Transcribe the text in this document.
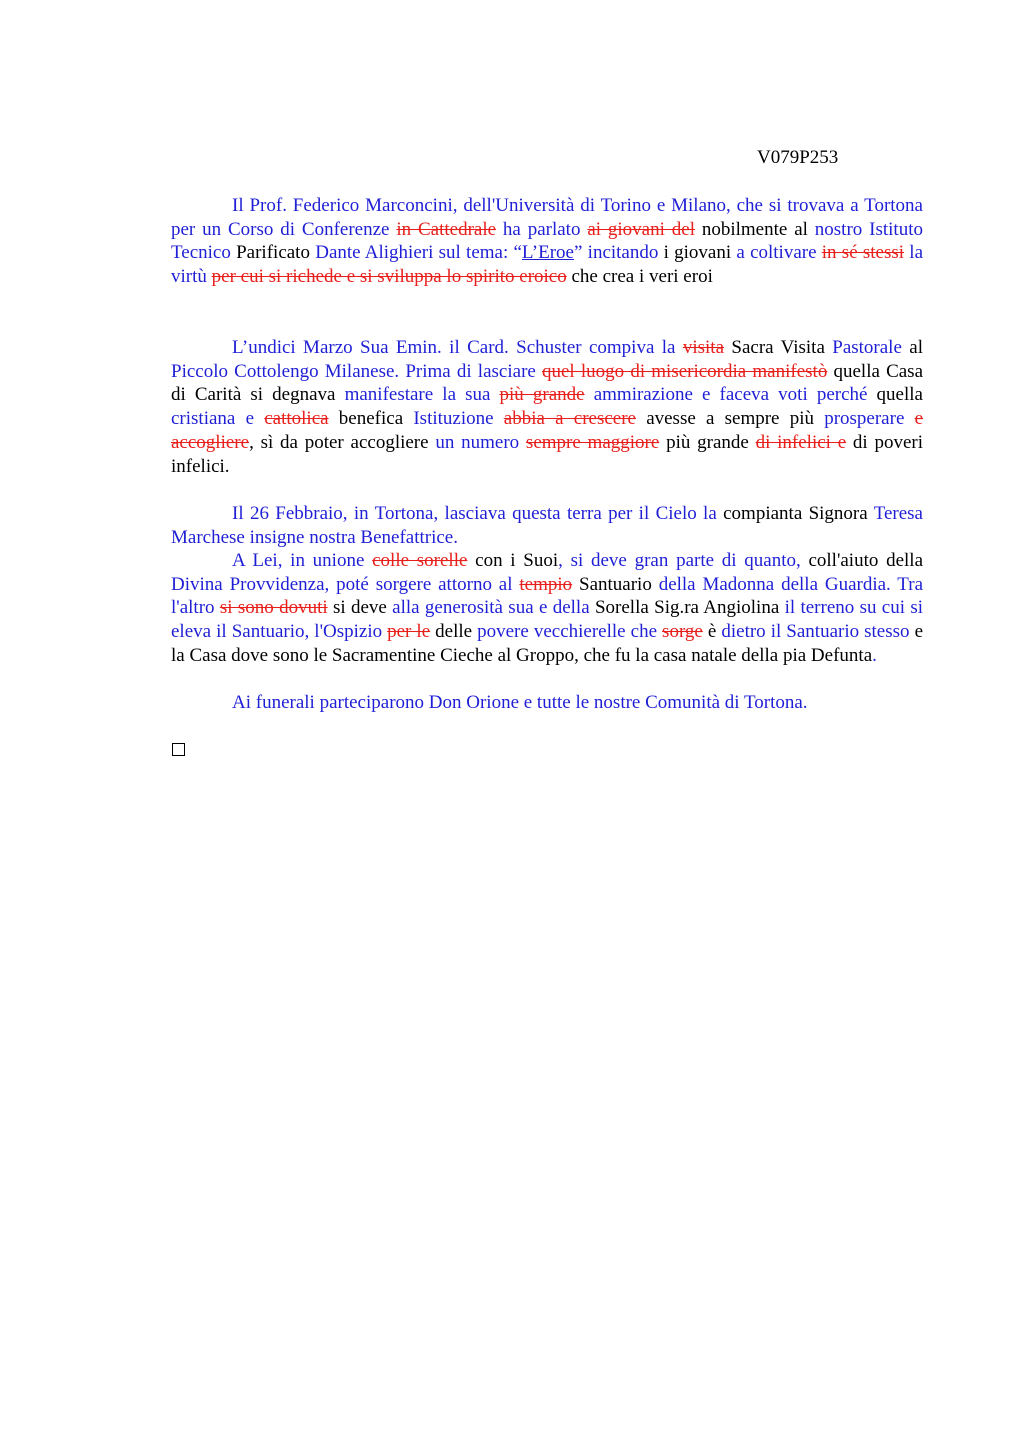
V079P253

Il Prof. Federico Marconcini, dell'Università di Torino e Milano, che si trovava a Tortona per un Corso di Conferenze in Cattedrale ha parlato ai giovani del nobilmente al nostro Istituto Tecnico Parificato Dante Alighieri sul tema: “L’Eroe” incitando i giovani a coltivare in sé stessi la virtù per cui si richede e si sviluppa lo spirito eroico che crea i veri eroi

L’undici Marzo Sua Emin. il Card. Schuster compiva la visita Sacra Visita Pastorale al Piccolo Cottolengo Milanese. Prima di lasciare quel luogo di misericordia manifestò quella Casa di Carità si degnava manifestare la sua più grande ammirazione e faceva voti perché quella cristiana e cattolica benefica Istituzione abbia a crescere avesse a sempre più prosperare e accogliere, sì da poter accogliere un numero sempre maggiore più grande di infelici e di poveri infelici.

Il 26 Febbraio, in Tortona, lasciava questa terra per il Cielo la compianta Signora Teresa Marchese insigne nostra Benefattrice.

A Lei, in unione colle sorelle con i Suoi, si deve gran parte di quanto, coll'aiuto della Divina Provvidenza, poté sorgere attorno al tempio Santuario della Madonna della Guardia. Tra l'altro si sono dovuti si deve alla generosità sua e della Sorella Sig.ra Angiolina il terreno su cui si eleva il Santuario, l'Ospizio per le delle povere vecchierelle che sorge è dietro il Santuario stesso e la Casa dove sono le Sacramentine Cieche al Groppo, che fu la casa natale della pia Defunta.

Ai funerali parteciparono Don Orione e tutte le nostre Comunità di Tortona.
